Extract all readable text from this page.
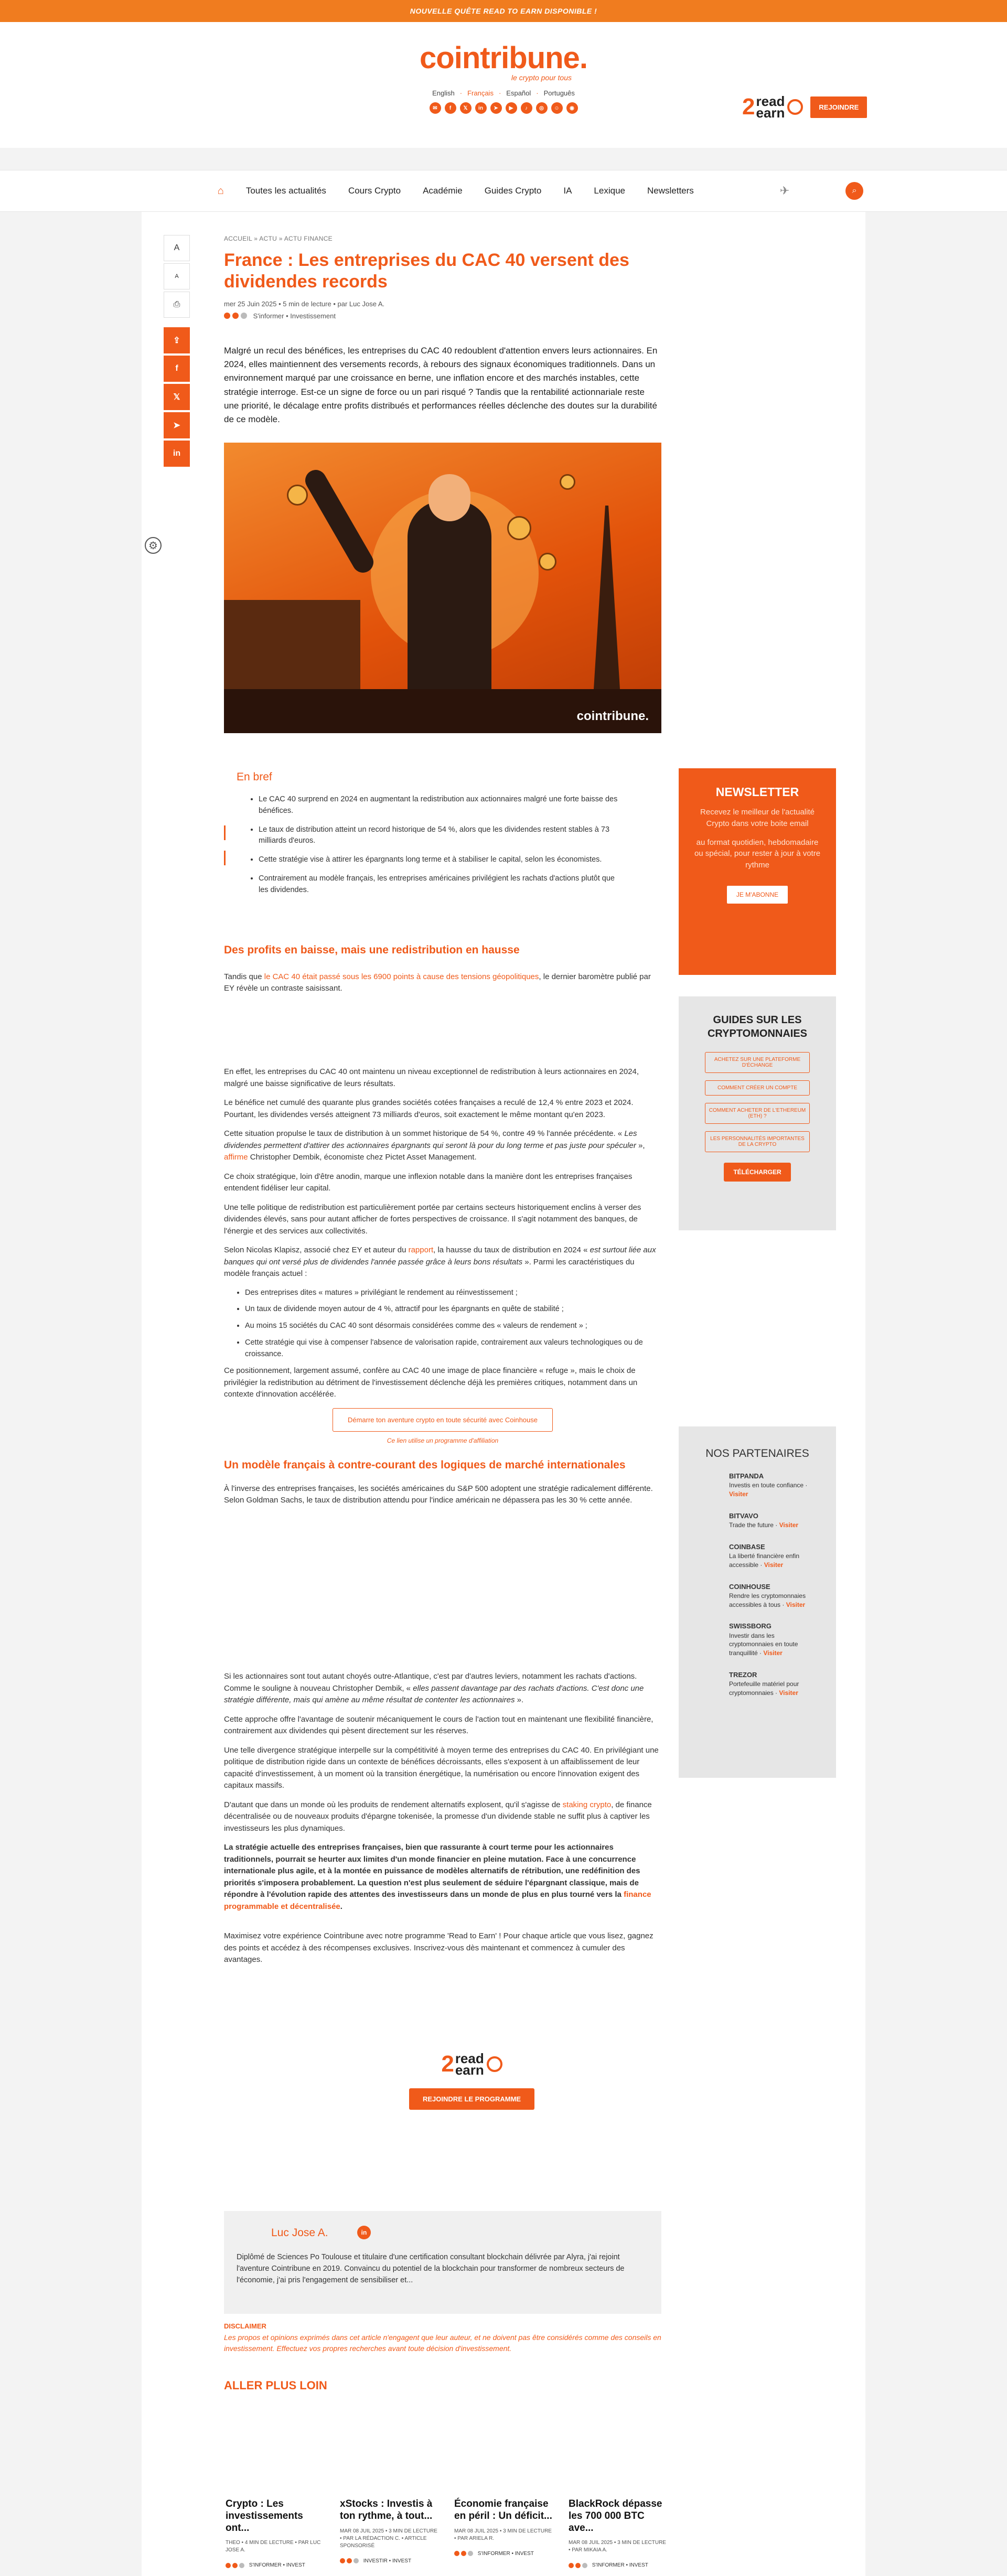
NOUVELLE QUÊTE READ TO EARN DISPONIBLE !
cointribune.
le crypto pour tous
English · Français · Español · Português
✉	f	𝕏	in	➤	▶	♪	◎	☺	◉	2 read
earn	REJOINDRE
⌂ Toutes les actualités Cours Crypto Académie Guides Crypto IA Lexique Newsletters	✈	⌕
⚙
A
A
⎙
⇪
f
𝕏
➤
in
ACCUEIL » ACTU » ACTU FINANCE
France : Les entreprises du CAC 40 versent des dividendes records
mer 25 Juin 2025 • 5 min de lecture • par Luc Jose A.

S'informer • Investissement

Malgré un recul des bénéfices, les entreprises du CAC 40 redoublent d'attention envers leurs actionnaires. En 2024, elles maintiennent des versements records, à rebours des signaux économiques traditionnels. Dans un environnement marqué par une croissance en berne, une inflation encore et des marchés instables, cette stratégie interroge. Est-ce un signe de force ou un pari risqué ? Tandis que la rentabilité actionnariale reste une priorité, le décalage entre profits distribués et performances réelles déclenche des doutes sur la durabilité de ce modèle.

cointribune.
En bref
• Le CAC 40 surprend en 2024 en augmentant la redistribution aux actionnaires malgré une forte baisse des bénéfices.
• Le taux de distribution atteint un record historique de 54 %, alors que les dividendes restent stables à 73 milliards d'euros.
• Cette stratégie vise à attirer les épargnants long terme et à stabiliser le capital, selon les économistes.
• Contrairement au modèle français, les entreprises américaines privilégient les rachats d'actions plutôt que les dividendes.
Des profits en baisse, mais une redistribution en hausse

Tandis que le CAC 40 était passé sous les 6900 points à cause des tensions géopolitiques, le dernier baromètre publié par EY révèle un contraste saisissant.

En effet, les entreprises du CAC 40 ont maintenu un niveau exceptionnel de redistribution à leurs actionnaires en 2024, malgré une baisse significative de leurs résultats.

Le bénéfice net cumulé des quarante plus grandes sociétés cotées françaises a reculé de 12,4 % entre 2023 et 2024. Pourtant, les dividendes versés atteignent 73 milliards d'euros, soit exactement le même montant qu'en 2023.

Cette situation propulse le taux de distribution à un sommet historique de 54 %, contre 49 % l'année précédente. « Les dividendes permettent d'attirer des actionnaires épargnants qui seront là pour du long terme et pas juste pour spéculer », affirme Christopher Dembik, économiste chez Pictet Asset Management.

Ce choix stratégique, loin d'être anodin, marque une inflexion notable dans la manière dont les entreprises françaises entendent fidéliser leur capital.

Une telle politique de redistribution est particulièrement portée par certains secteurs historiquement enclins à verser des dividendes élevés, sans pour autant afficher de fortes perspectives de croissance. Il s'agit notamment des banques, de l'énergie et des services aux collectivités.

Selon Nicolas Klapisz, associé chez EY et auteur du rapport, la hausse du taux de distribution en 2024 « est surtout liée aux banques qui ont versé plus de dividendes l'année passée grâce à leurs bons résultats ». Parmi les caractéristiques du modèle français actuel :

• Des entreprises dites « matures » privilégiant le rendement au réinvestissement ;
• Un taux de dividende moyen autour de 4 %, attractif pour les épargnants en quête de stabilité ;
• Au moins 15 sociétés du CAC 40 sont désormais considérées comme des « valeurs de rendement » ;
• Cette stratégie qui vise à compenser l'absence de valorisation rapide, contrairement aux valeurs technologiques ou de croissance.

Ce positionnement, largement assumé, confère au CAC 40 une image de place financière « refuge », mais le choix de privilégier la redistribution au détriment de l'investissement déclenche déjà les premières critiques, notamment dans un contexte d'innovation accélérée.

Démarre ton aventure crypto en toute sécurité avec Coinhouse
Ce lien utilise un programme d'affiliation
Un modèle français à contre-courant des logiques de marché internationales

À l'inverse des entreprises françaises, les sociétés américaines du S&P 500 adoptent une stratégie radicalement différente. Selon Goldman Sachs, le taux de distribution attendu pour l'indice américain ne dépassera pas les 30 % cette année.

Si les actionnaires sont tout autant choyés outre-Atlantique, c'est par d'autres leviers, notamment les rachats d'actions. Comme le souligne à nouveau Christopher Dembik, « elles passent davantage par des rachats d'actions. C'est donc une stratégie différente, mais qui amène au même résultat de contenter les actionnaires ».

Cette approche offre l'avantage de soutenir mécaniquement le cours de l'action tout en maintenant une flexibilité financière, contrairement aux dividendes qui pèsent directement sur les réserves.

Une telle divergence stratégique interpelle sur la compétitivité à moyen terme des entreprises du CAC 40. En privilégiant une politique de distribution rigide dans un contexte de bénéfices décroissants, elles s'exposent à un affaiblissement de leur capacité d'investissement, à un moment où la transition énergétique, la numérisation ou encore l'innovation exigent des capitaux massifs.

D'autant que dans un monde où les produits de rendement alternatifs explosent, qu'il s'agisse de staking crypto, de finance décentralisée ou de nouveaux produits d'épargne tokenisée, la promesse d'un dividende stable ne suffit plus à captiver les investisseurs les plus dynamiques.

La stratégie actuelle des entreprises françaises, bien que rassurante à court terme pour les actionnaires traditionnels, pourrait se heurter aux limites d'un monde financier en pleine mutation. Face à une concurrence internationale plus agile, et à la montée en puissance de modèles alternatifs de rétribution, une redéfinition des priorités s'imposera probablement. La question n'est plus seulement de séduire l'épargnant classique, mais de répondre à l'évolution rapide des attentes des investisseurs dans un monde de plus en plus tourné vers la finance programmable et décentralisée.

Maximisez votre expérience Cointribune avec notre programme 'Read to Earn' ! Pour chaque article que vous lisez, gagnez des points et accédez à des récompenses exclusives. Inscrivez-vous dès maintenant et commencez à cumuler des avantages.

2 read
earn
REJOINDRE LE PROGRAMME
Luc Jose A.	in

Diplômé de Sciences Po Toulouse et titulaire d'une certification consultant blockchain délivrée par Alyra, j'ai rejoint l'aventure Cointribune en 2019. Convaincu du potentiel de la blockchain pour transformer de nombreux secteurs de l'économie, j'ai pris l'engagement de sensibiliser et...

DISCLAIMER
Les propos et opinions exprimés dans cet article n'engagent que leur auteur, et ne doivent pas être considérés comme des conseils en investissement. Effectuez vos propres recherches avant toute décision d'investissement.
ALLER PLUS LOIN
Crypto : Les investissements ont...
THEO • 4 MIN DE LECTURE • PAR LUC JOSE A.

S'INFORMER • INVEST
xStocks : Investis à ton rythme, à tout...
MAR 08 JUIL 2025 • 3 MIN DE LECTURE • PAR LA RÉDACTION C. • ARTICLE SPONSORISÉ

INVESTIR • INVEST
Économie française en péril : Un déficit...
MAR 08 JUIL 2025 • 3 MIN DE LECTURE • PAR ARIELA R.

S'INFORMER • INVEST
BlackRock dépasse les 700 000 BTC ave...
MAR 08 JUIL 2025 • 3 MIN DE LECTURE • PAR MIKAIA A.

S'INFORMER • INVEST
NEWSLETTER
Recevez le meilleur de l'actualité Crypto dans votre boite email
au format quotidien, hebdomadaire ou spécial, pour rester à jour à votre rythme
JE M'ABONNE
GUIDES SUR LES CRYPTOMONNAIES
ACHETEZ SUR UNE PLATEFORME D'ÉCHANGE
COMMENT CRÉER UN COMPTE
COMMENT ACHETER DE L'ETHEREUM (ETH) ?
LES PERSONNALITÉS IMPORTANTES DE LA CRYPTO
TÉLÉCHARGER
NOS PARTENAIRES
BITPANDA
Investis en toute confiance · Visiter
BITVAVO
Trade the future · Visiter
COINBASE
La liberté financière enfin accessible · Visiter
COINHOUSE
Rendre les cryptomonnaies accessibles à tous · Visiter
SWISSBORG
Investir dans les cryptomonnaies en toute tranquillité · Visiter
TREZOR
Portefeuille matériel pour cryptomonnaies · Visiter
